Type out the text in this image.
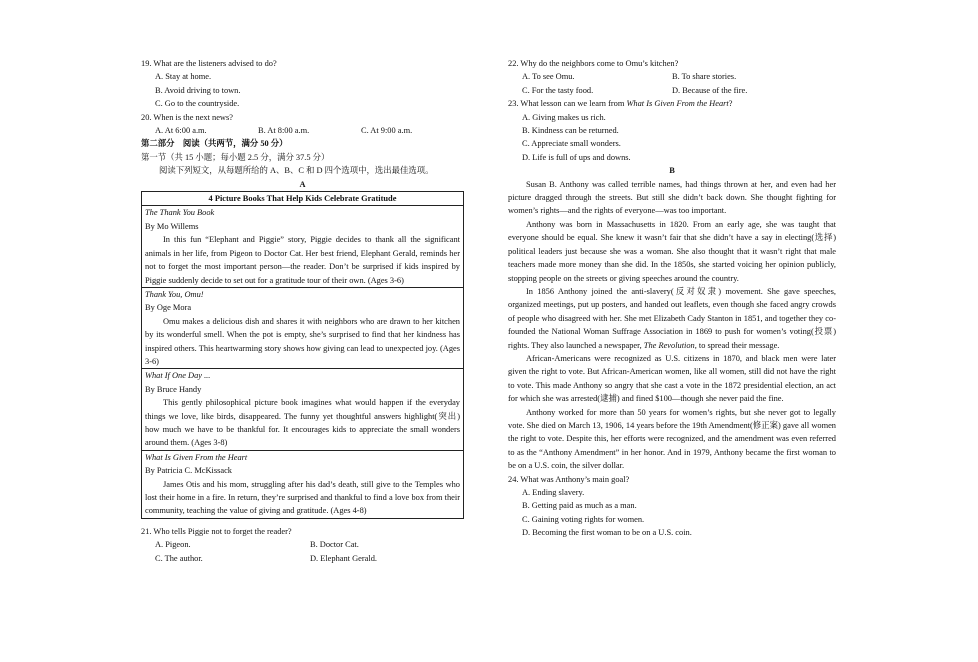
19. What are the listeners advised to do?
A. Stay at home.
B. Avoid driving to town.
C. Go to the countryside.
20. When is the next news?
A. At 6:00 a.m.	B. At 8:00 a.m.	C. At 9:00 a.m.
第二部分　阅读（共两节，满分 50 分）
第一节（共 15 小题；每小题 2.5 分，满分 37.5 分）
阅读下列短文，从每题所给的 A、B、C 和 D 四个选项中，选出最佳选项。
A
4 Picture Books That Help Kids Celebrate Gratitude
The Thank You Book
By Mo Willems
In this fun “Elephant and Piggie” story, Piggie decides to thank all the significant animals in her life, from Pigeon to Doctor Cat. Her best friend, Elephant Gerald, reminds her not to forget the most important person—the reader. Don’t be surprised if kids inspired by Piggie suddenly decide to set out for a gratitude tour of their own. (Ages 3-6)
Thank You, Omu!
By Oge Mora
Omu makes a delicious dish and shares it with neighbors who are drawn to her kitchen by its wonderful smell. When the pot is empty, she’s surprised to find that her kindness has inspired others. This heartwarming story shows how giving can lead to unexpected joy. (Ages 3-6)
What If One Day ...
By Bruce Handy
This gently philosophical picture book imagines what would happen if the everyday things we love, like birds, disappeared. The funny yet thoughtful answers highlight(突出) how much we have to be thankful for. It encourages kids to appreciate the small wonders around them. (Ages 3-8)
What Is Given From the Heart
By Patricia C. McKissack
James Otis and his mom, struggling after his dad’s death, still give to the Temples who lost their home in a fire. In return, they’re surprised and thankful to find a love box from their community, teaching the value of giving and gratitude. (Ages 4-8)
21. Who tells Piggie not to forget the reader?
A. Pigeon.	B. Doctor Cat.
C. The author.	D. Elephant Gerald.
22. Why do the neighbors come to Omu’s kitchen?
A. To see Omu.	B. To share stories.
C. For the tasty food.	D. Because of the fire.
23. What lesson can we learn from What Is Given From the Heart?
A. Giving makes us rich.
B. Kindness can be returned.
C. Appreciate small wonders.
D. Life is full of ups and downs.
B
Susan B. Anthony was called terrible names, had things thrown at her, and even had her picture dragged through the streets. But still she didn’t back down. She thought fighting for women’s rights—and the rights of everyone—was too important.
Anthony was born in Massachusetts in 1820. From an early age, she was taught that everyone should be equal. She knew it wasn’t fair that she didn’t have a say in electing(选择) political leaders just because she was a woman. She also thought that it wasn’t right that male teachers made more money than she did. In the 1850s, she started voicing her opinion publicly, stopping people on the streets or giving speeches around the country.
In 1856 Anthony joined the anti-slavery(反对奴隶) movement. She gave speeches, organized meetings, put up posters, and handed out leaflets, even though she faced angry crowds of people who disagreed with her. She met Elizabeth Cady Stanton in 1851, and together they co-founded the National Woman Suffrage Association in 1869 to push for women’s voting(投票) rights. They also launched a newspaper, The Revolution, to spread their message.
African-Americans were recognized as U.S. citizens in 1870, and black men were later given the right to vote. But African-American women, like all women, still did not have the right to vote. This made Anthony so angry that she cast a vote in the 1872 presidential election, an act for which she was arrested(逮捕) and fined $100—though she never paid the fine.
Anthony worked for more than 50 years for women’s rights, but she never got to legally vote. She died on March 13, 1906, 14 years before the 19th Amendment(修正案) gave all women the right to vote. Despite this, her efforts were recognized, and the amendment was even referred to as the “Anthony Amendment” in her honor. And in 1979, Anthony became the first woman to be on a U.S. coin, the silver dollar.
24. What was Anthony’s main goal?
A. Ending slavery.
B. Getting paid as much as a man.
C. Gaining voting rights for women.
D. Becoming the first woman to be on a U.S. coin.
